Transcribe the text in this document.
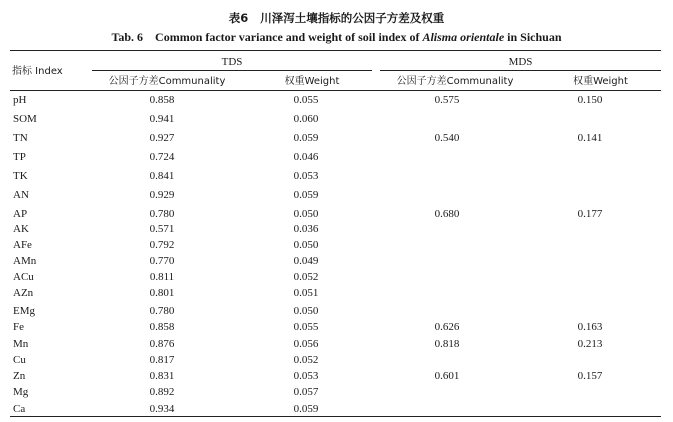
表6 川泽泻土壤指标的公因子方差及权重
Tab. 6 Common factor variance and weight of soil index of Alisma orientale in Sichuan
指标 Index
TDS	MDS
公因子方差Communality	权重Weight	公因子方差Communality	权重Weight
pH	0.858	0.055	0.575	0.150
SOM	0.941	0.060
TN	0.927	0.059	0.540	0.141
TP	0.724	0.046
TK	0.841	0.053
AN	0.929	0.059
AP	0.780	0.050	0.680	0.177
AK	0.571	0.036
AFe	0.792	0.050
AMn	0.770	0.049
ACu	0.811	0.052
AZn	0.801	0.051
EMg	0.780	0.050
Fe	0.858	0.055	0.626	0.163
Mn	0.876	0.056	0.818	0.213
Cu	0.817	0.052
Zn	0.831	0.053	0.601	0.157
Mg	0.892	0.057
Ca	0.934	0.059
